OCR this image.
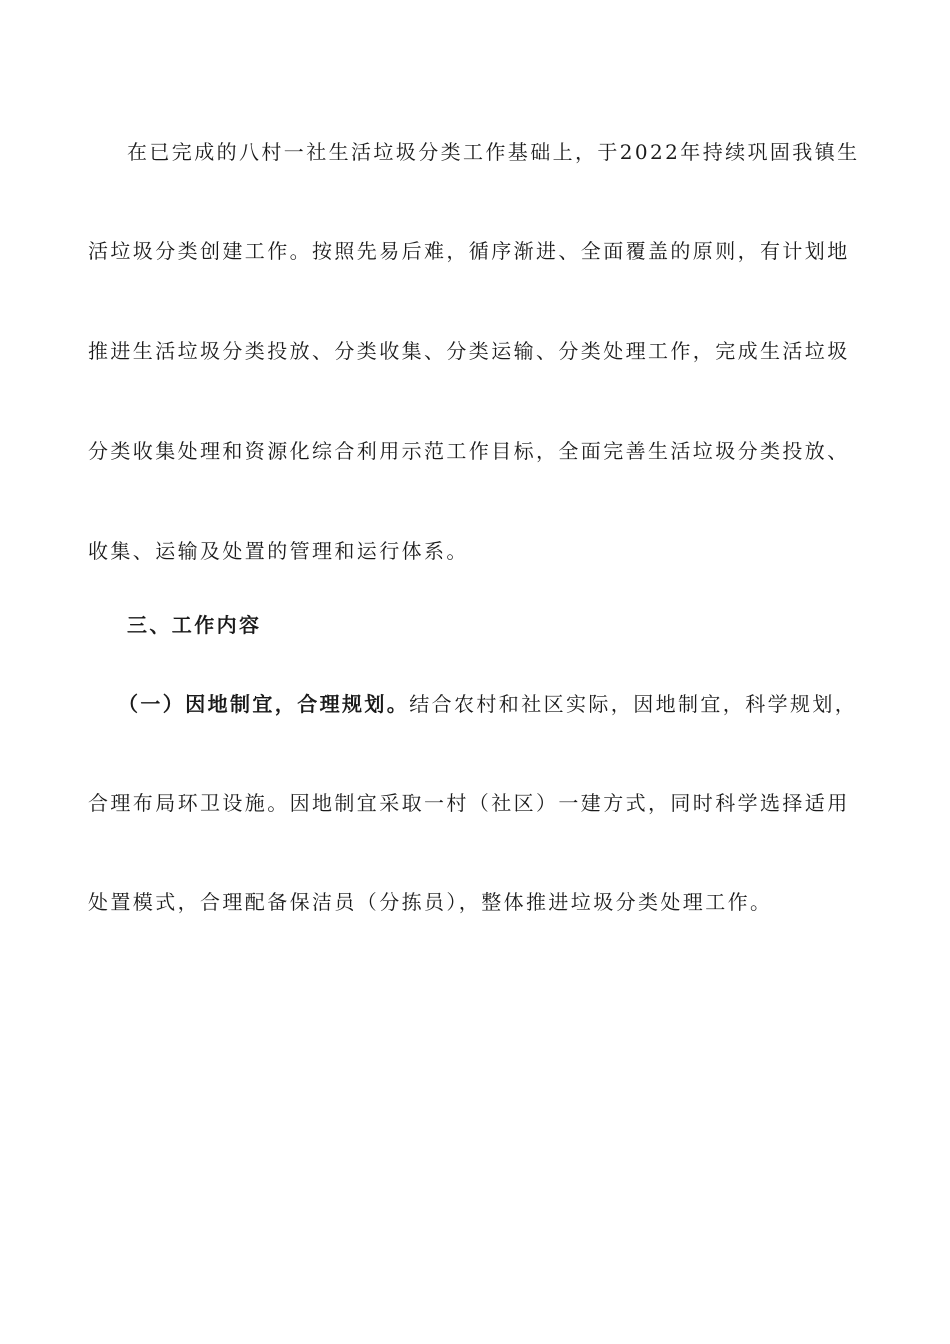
在已完成的八村一社生活垃圾分类工作基础上，于2022年持续巩固我镇生
活垃圾分类创建工作。按照先易后难，循序渐进、全面覆盖的原则，有计划地
推进生活垃圾分类投放、分类收集、分类运输、分类处理工作，完成生活垃圾
分类收集处理和资源化综合利用示范工作目标，全面完善生活垃圾分类投放、
收集、运输及处置的管理和运行体系。
三、工作内容
（一）因地制宜，合理规划。结合农村和社区实际，因地制宜，科学规划，
合理布局环卫设施。因地制宜采取一村（社区）一建方式，同时科学选择适用
处置模式，合理配备保洁员（分拣员），整体推进垃圾分类处理工作。
